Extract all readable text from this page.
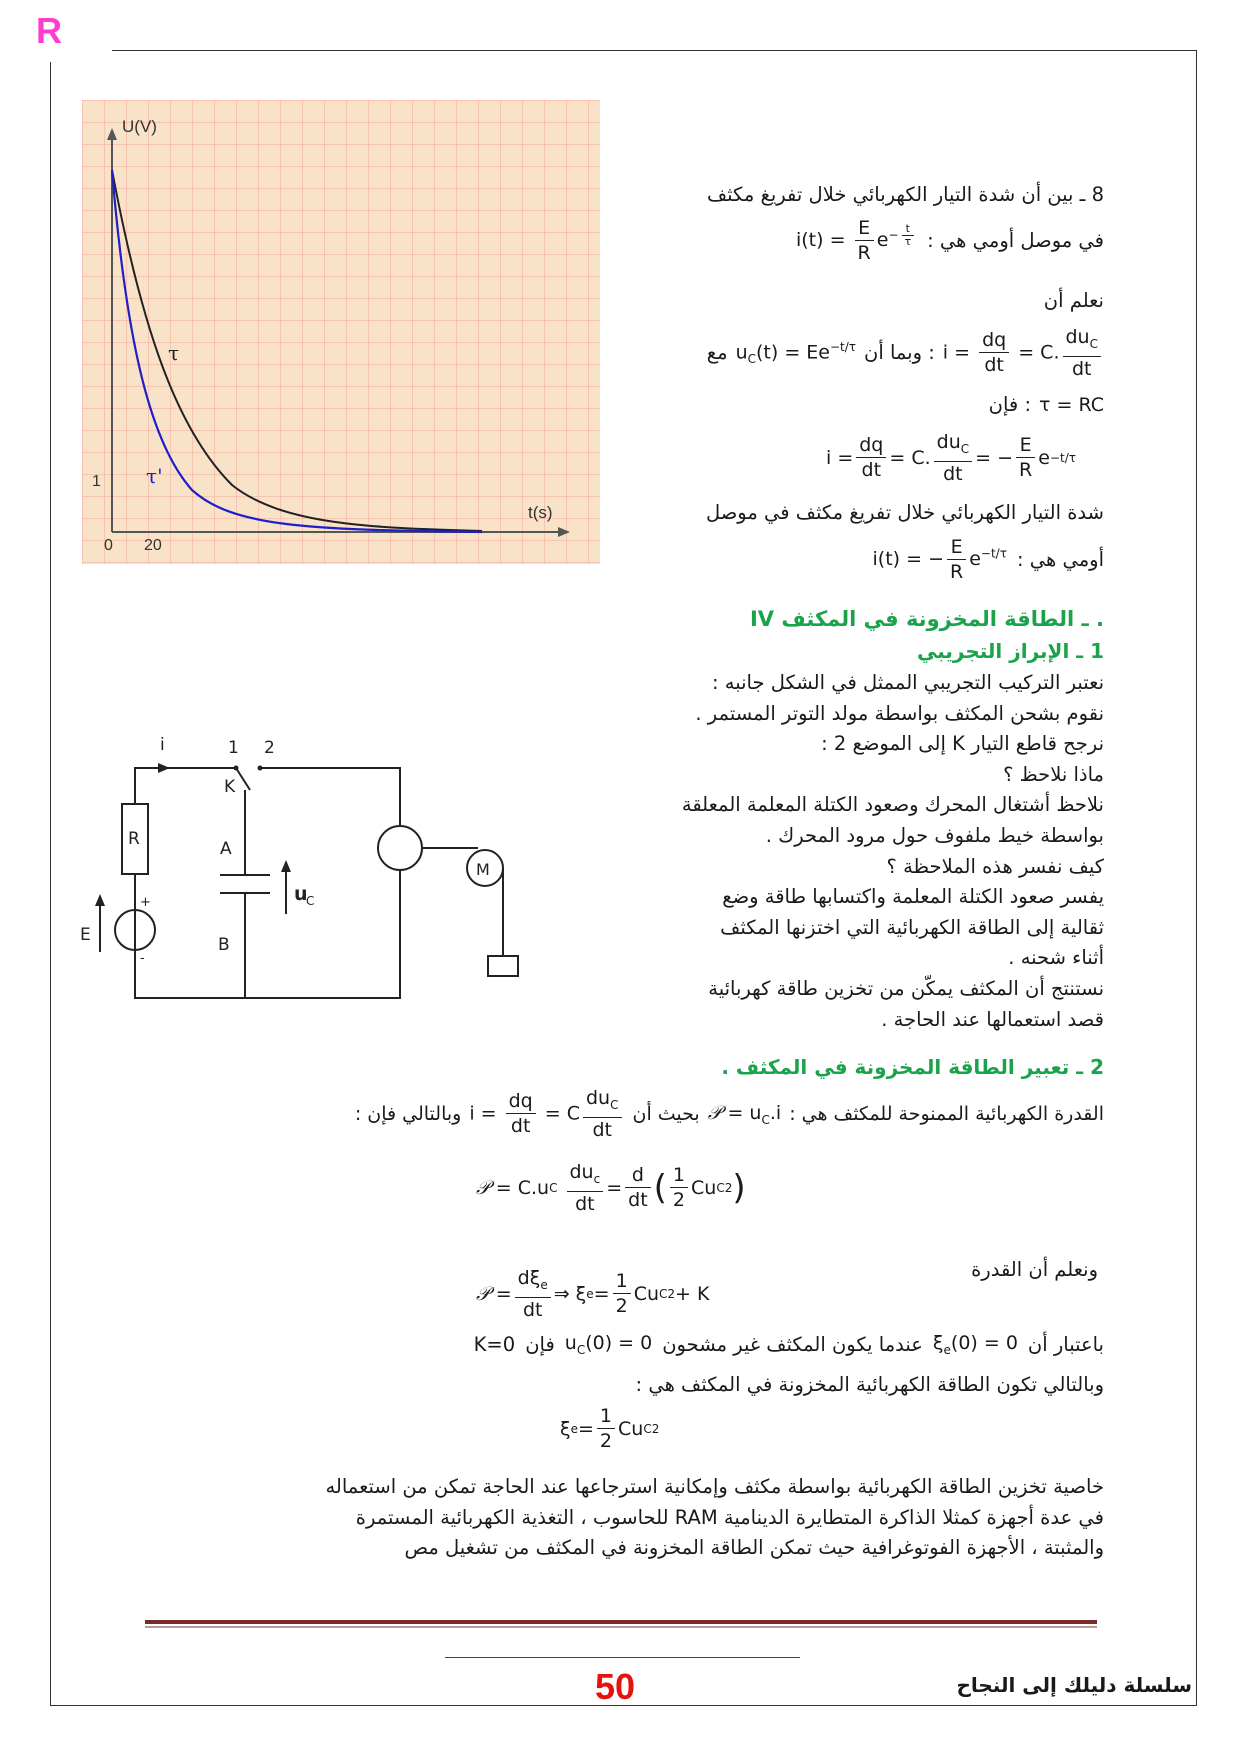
R
U(V)
t(s)
0
1
20
τ
τ'
8 ـ بين أن شدة التيار الكهربائي خلال تفريغ مكثف
$i(t) = \frac{E}{R} e^{- \frac{t}{\tau}}$ في موصل أومي هي :
نعلم أن
مع $u_C(t) = Ee^{-t/\tau}$ : وبما أن $i = \frac{dq}{dt} = C$. $\frac{du_C}{dt}$
: فإن τ = RC
$i = \frac{dq}{dt} = C$. $\frac{du_C}{dt}$ = − $\frac{E}{R}$ e −t/τ
شدة التيار الكهربائي خلال تفريغ مكثف في موصل
i(t) = − $\frac{E}{R} e^{-t/\tau}$ أومي هي :
IV ـ الطاقة المخزونة في المكثف .
1 ـ الإبراز التجريبي
نعتبر التركيب التجريبي الممثل في الشكل جانبه :
نقوم بشحن المكثف بواسطة مولد التوتر المستمر .
نرجح قاطع التيار K إلى الموضع 2 :
ماذا نلاحظ ؟
نلاحظ أشتغال المحرك وصعود الكتلة المعلمة المعلقة
بواسطة خيط ملفوف حول مرود المحرك .
كيف نفسر هذه الملاحظة ؟
يفسر صعود الكتلة المعلمة واكتسابها طاقة وضع
ثقالية إلى الطاقة الكهربائية التي اختزنها المكثف
أثناء شحنه .
نستنتج أن المكثف يمكّن من تخزين طاقة كهربائية
قصد استعمالها عند الحاجة .
i	1 2
K
R	A
B
u
C
+
-
E
M
2 ـ تعبير الطاقة المخزونة في المكثف .
وبالتالي فإن : $i = \frac{dq}{dt} = C \frac{du_C}{dt}$ بحيث أن 𝒫 = $u_C.i$ القدرة الكهربائية الممنوحة للمكثف هي :
𝒫 = C.u C
$\frac{du_c}{dt} = \frac{d}{dt}$ ( $\frac{1}{2}$ Cu C 2 )
ونعلم أن القدرة
𝒫 = $\frac{d\xi_e}{dt}$ ⇒ ξ $e = \frac{1}{2}$ Cu C 2 + K
K=0 فإن $u_C(0) = 0$ عندما يكون المكثف غير مشحون $\xi_e(0) = 0$ باعتبار أن
وبالتالي تكون الطاقة الكهربائية المخزونة في المكثف هي :
ξ $e = \frac{1}{2}$ Cu C 2
خاصية تخزين الطاقة الكهربائية بواسطة مكثف وإمكانية استرجاعها عند الحاجة تمكن من استعماله
في عدة أجهزة كمثلا الذاكرة المتطايرة الدينامية RAM للحاسوب ، التغذية الكهربائية المستمرة
والمثبتة ، الأجهزة الفوتوغرافية حيث تمكن الطاقة المخزونة في المكثف من تشغيل مص
50	سلسلة دليلك إلى النجاح
